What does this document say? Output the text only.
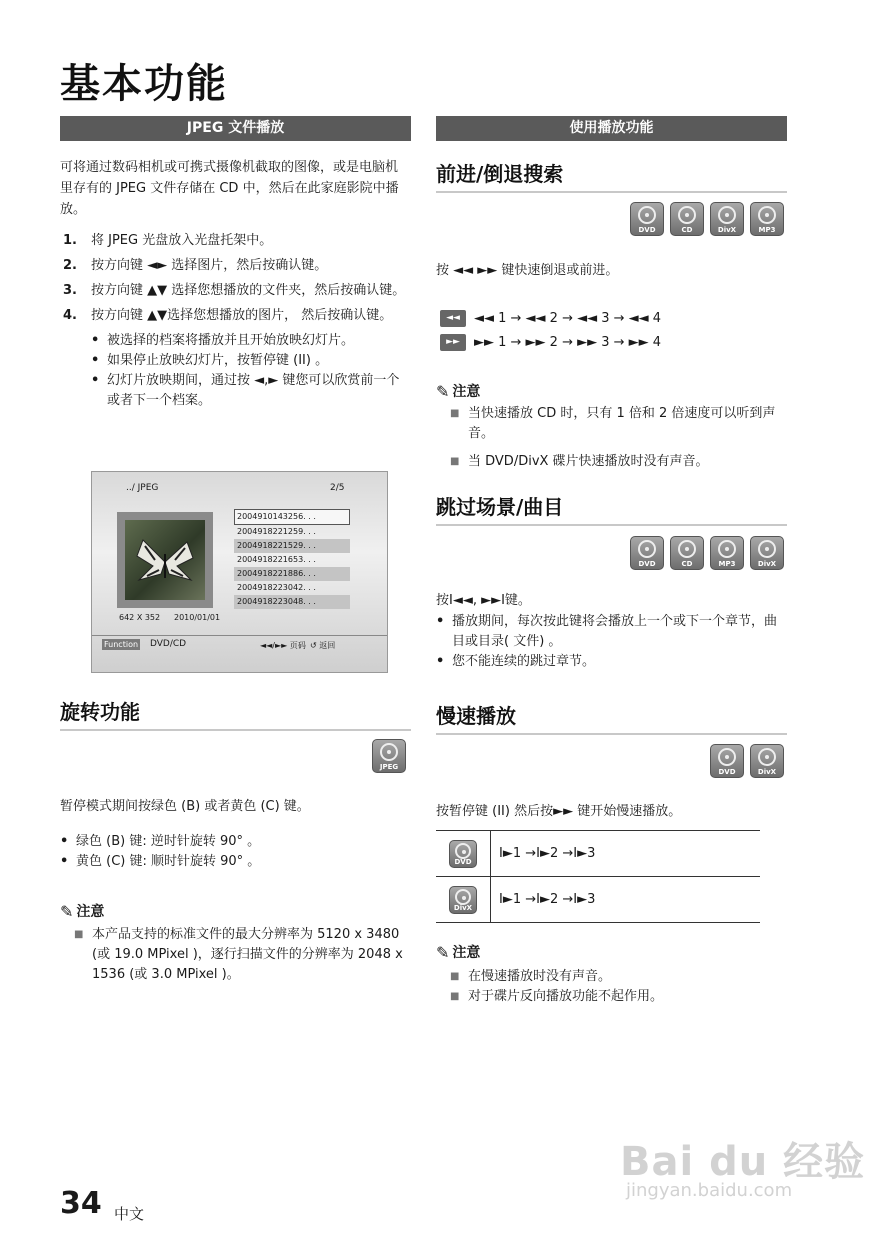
基本功能
JPEG 文件播放
可将通过数码相机或可携式摄像机截取的图像，或是电脑机里存有的 JPEG 文件存储在 CD 中，然后在此家庭影院中播放。
1.	将 JPEG 光盘放入光盘托架中。
2.	按方向键 ◄► 选择图片，然后按确认键。
3.	按方向键 ▲▼ 选择您想播放的文件夹，然后按确认键。
4.	按方向键 ▲▼选择您想播放的图片， 然后按确认键。
• 被选择的档案将播放并且开始放映幻灯片。
• 如果停止放映幻灯片，按暂停键 (II) 。
• 幻灯片放映期间，通过按 ◄,► 键您可以欣赏前一个或者下一个档案。
../ JPEG	2/5
2004910143256. . .
2004918221259. . .
2004918221529. . .
2004918221653. . .
2004918221886. . .
2004918223042. . .
2004918223048. . .
642 X 352 2010/01/01
Function DVD/CD	◄◄/►► 页码 ↺ 返回
旋转功能
JPEG
暂停模式期间按绿色 (B) 或者黄色 (C) 键。
• 绿色 (B) 键: 逆时针旋转 90° 。
• 黄色 (C) 键: 顺时针旋转 90° 。
✎ 注意
■ 本产品支持的标准文件的最大分辨率为 5120 x 3480 (或 19.0 MPixel )，逐行扫描文件的分辨率为 2048 x 1536 (或 3.0 MPixel )。
使用播放功能
前进/倒退搜索
DVD	CD	DivX	MP3
按 ◄◄ ►► 键快速倒退或前进。
◄◄ ◄◄ 1 → ◄◄ 2 → ◄◄ 3 → ◄◄ 4
►► ►► 1 → ►► 2 → ►► 3 → ►► 4
✎ 注意
■ 当快速播放 CD 时，只有 1 倍和 2 倍速度可以听到声音。
■ 当 DVD/DivX 碟片快速播放时没有声音。
跳过场景/曲目
DVD	CD	MP3	DivX
按I◄◄, ►►I键。
• 播放期间，每次按此键将会播放上一个或下一个章节，曲目或目录( 文件) 。
• 您不能连续的跳过章节。
慢速播放
DVD	DivX
按暂停键 (II) 然后按►► 键开始慢速播放。
DVD	I►1 →I►2 →I►3

DivX	I►1 →I►2 →I►3
✎ 注意
■ 在慢速播放时没有声音。
■ 对于碟片反向播放功能不起作用。
Bai du 经验
jingyan.baidu.com
34 中文
